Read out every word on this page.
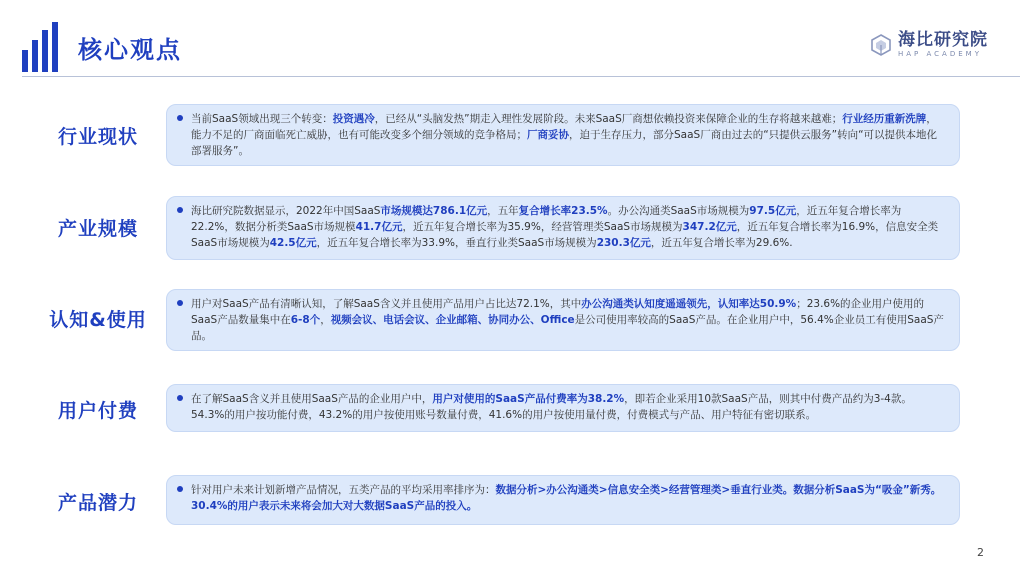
核心观点	海比研究院
HAP ACADEMY
行业现状

当前SaaS领域出现三个转变：投资遇冷，已经从“头脑发热”期走入理性发展阶段。未来SaaS厂商想依赖投资来保障企业的生存将越来越难；行业经历重新洗牌，能力不足的厂商面临死亡威胁，也有可能改变多个细分领域的竞争格局；厂商妥协，迫于生存压力，部分SaaS厂商由过去的“只提供云服务”转向“可以提供本地化部署服务”。

产业规模

海比研究院数据显示，2022年中国SaaS市场规模达786.1亿元，五年复合增长率23.5%。办公沟通类SaaS市场规模为97.5亿元，近五年复合增长率为22.2%，数据分析类SaaS市场规模41.7亿元，近五年复合增长率为35.9%，经营管理类SaaS市场规模为347.2亿元，近五年复合增长率为16.9%，信息安全类SaaS市场规模为42.5亿元，近五年复合增长率为33.9%，垂直行业类SaaS市场规模为230.3亿元，近五年复合增长率为29.6%.

认知&使用

用户对SaaS产品有清晰认知，了解SaaS含义并且使用产品用户占比达72.1%，其中办公沟通类认知度遥遥领先，认知率达50.9%；23.6%的企业用户使用的SaaS产品数量集中在6-8个，视频会议、电话会议、企业邮箱、协同办公、Office是公司使用率较高的SaaS产品。在企业用户中，56.4%企业员工有使用SaaS产品。

用户付费

在了解SaaS含义并且使用SaaS产品的企业用户中，用户对使用的SaaS产品付费率为38.2%，即若企业采用10款SaaS产品，则其中付费产品约为3-4款。54.3%的用户按功能付费，43.2%的用户按使用账号数量付费，41.6%的用户按使用量付费，付费模式与产品、用户特征有密切联系。

产品潜力

针对用户未来计划新增产品情况，五类产品的平均采用率排序为：数据分析>办公沟通类>信息安全类>经营管理类>垂直行业类。数据分析SaaS为“吸金”新秀。30.4%的用户表示未来将会加大对大数据SaaS产品的投入。

2
